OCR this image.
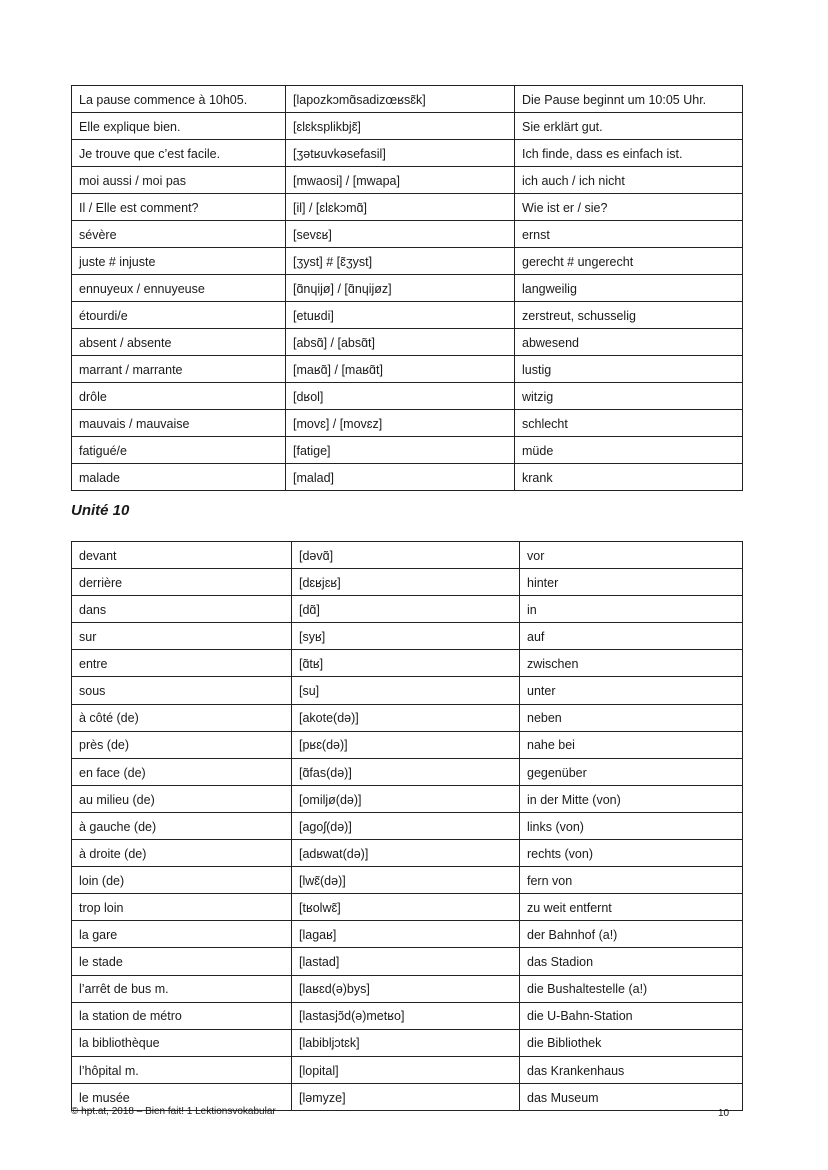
La pause commence à 10h05.	[lapozkɔmɑ̃sadizœʁsɛ̃k]	Die Pause beginnt um 10:05 Uhr.
Elle explique bien.	[ɛlɛksplikbjɛ̃]	Sie erklärt gut.
Je trouve que c’est facile.	[ʒətʁuvkəsefasil]	Ich finde, dass es einfach ist.
moi aussi / moi pas	[mwaosi] / [mwapa]	ich auch / ich nicht
Il / Elle est comment?	[il] / [ɛlɛkɔmɑ̃]	Wie ist er / sie?
sévère	[sevɛʁ]	ernst
juste # injuste	[ʒyst] # [ɛ̃ʒyst]	gerecht # ungerecht
ennuyeux / ennuyeuse	[ɑ̃nɥijø] / [ɑ̃nɥijøz]	langweilig
étourdi/e	[etuʁdi]	zerstreut, schusselig
absent / absente	[absɑ̃] / [absɑ̃t]	abwesend
marrant / marrante	[maʁɑ̃] / [maʁɑ̃t]	lustig
drôle	[dʁol]	witzig
mauvais / mauvaise	[movɛ] / [movɛz]	schlecht
fatigué/e	[fatige]	müde
malade	[malad]	krank
Unité 10
devant	[dəvɑ̃]	vor
derrière	[dɛʁjɛʁ]	hinter
dans	[dɑ̃]	in
sur	[syʁ]	auf
entre	[ɑ̃tʁ]	zwischen
sous	[su]	unter
à côté (de)	[akote(də)]	neben
près (de)	[pʁɛ(də)]	nahe bei
en face (de)	[ɑ̃fas(də)]	gegenüber
au milieu (de)	[omiljø(də)]	in der Mitte (von)
à gauche (de)	[agoʃ(də)]	links (von)
à droite (de)	[adʁwat(də)]	rechts (von)
loin (de)	[lwɛ̃(də)]	fern von
trop loin	[tʁolwɛ̃]	zu weit entfernt
la gare	[lagaʁ]	der Bahnhof (a!)
le stade	[lastad]	das Stadion
l’arrêt de bus m.	[laʁɛd(ə)bys]	die Bushaltestelle (a!)
la station de métro	[lastasjɔ̃d(ə)metʁo]	die U-Bahn-Station
la bibliothèque	[labibljɔtɛk]	die Bibliothek
l’hôpital m.	[lopital]	das Krankenhaus
le musée	[ləmyze]	das Museum
© hpt.at, 2018 – Bien fait! 1 Lektionsvokabular	10
